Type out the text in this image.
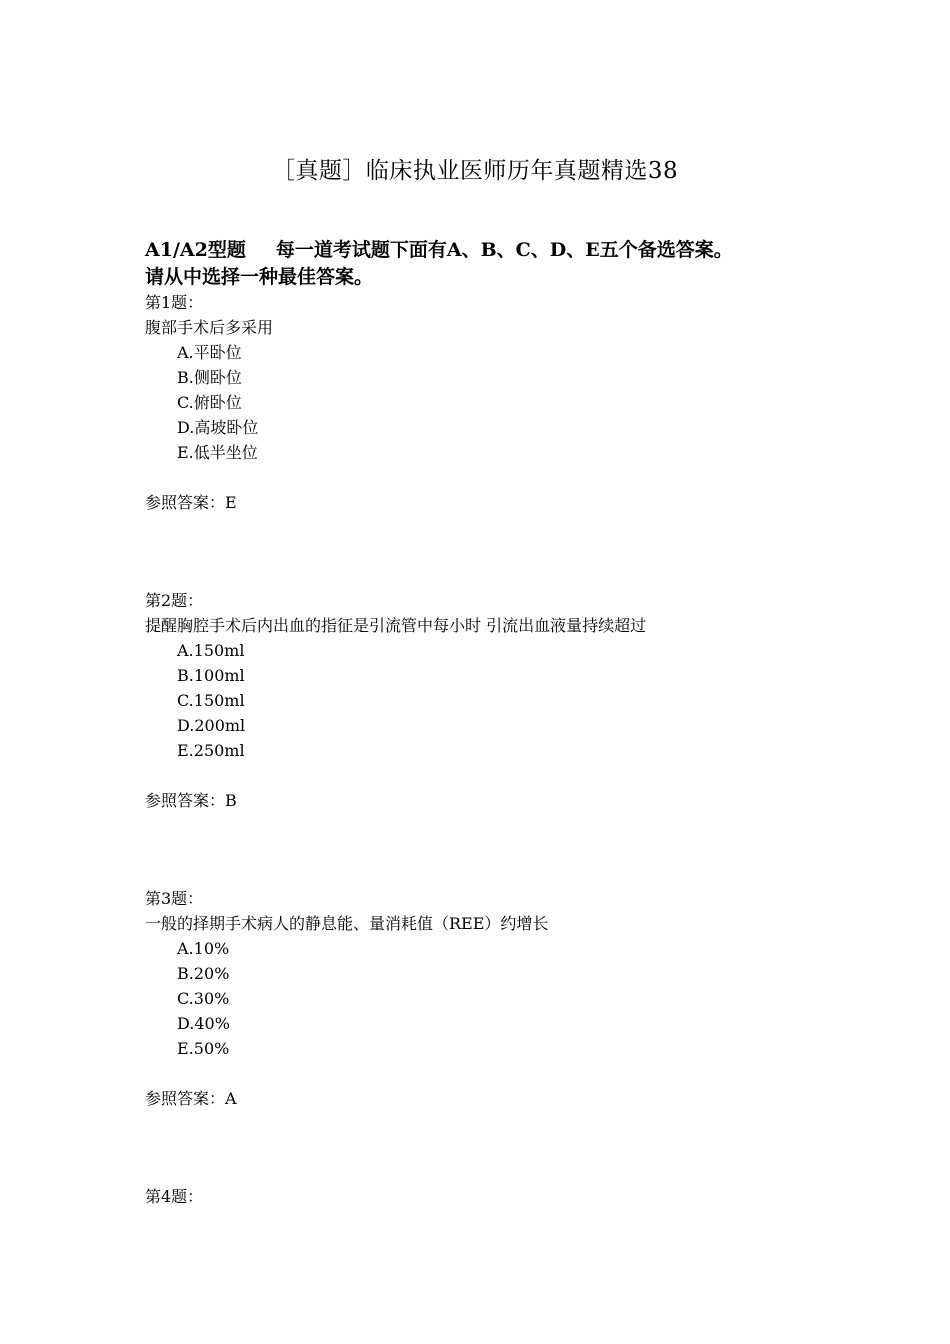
［真题］临床执业医师历年真题精选38
A1/A2型题 每一道考试题下面有A、B、C、D、E五个备选答案。
请从中选择一种最佳答案。

第1题：

腹部手术后多采用

A.平卧位
B.侧卧位
C.俯卧位
D.高坡卧位
E.低半坐位

参照答案：E

第2题：

提醒胸腔手术后内出血的指征是引流管中每小时 引流出血液量持续超过

A.150ml
B.100ml
C.150ml
D.200ml
E.250ml

参照答案：B

第3题：

一般的择期手术病人的静息能、量消耗值（REE）约增长

A.10%
B.20%
C.30%
D.40%
E.50%

参照答案：A

第4题：
